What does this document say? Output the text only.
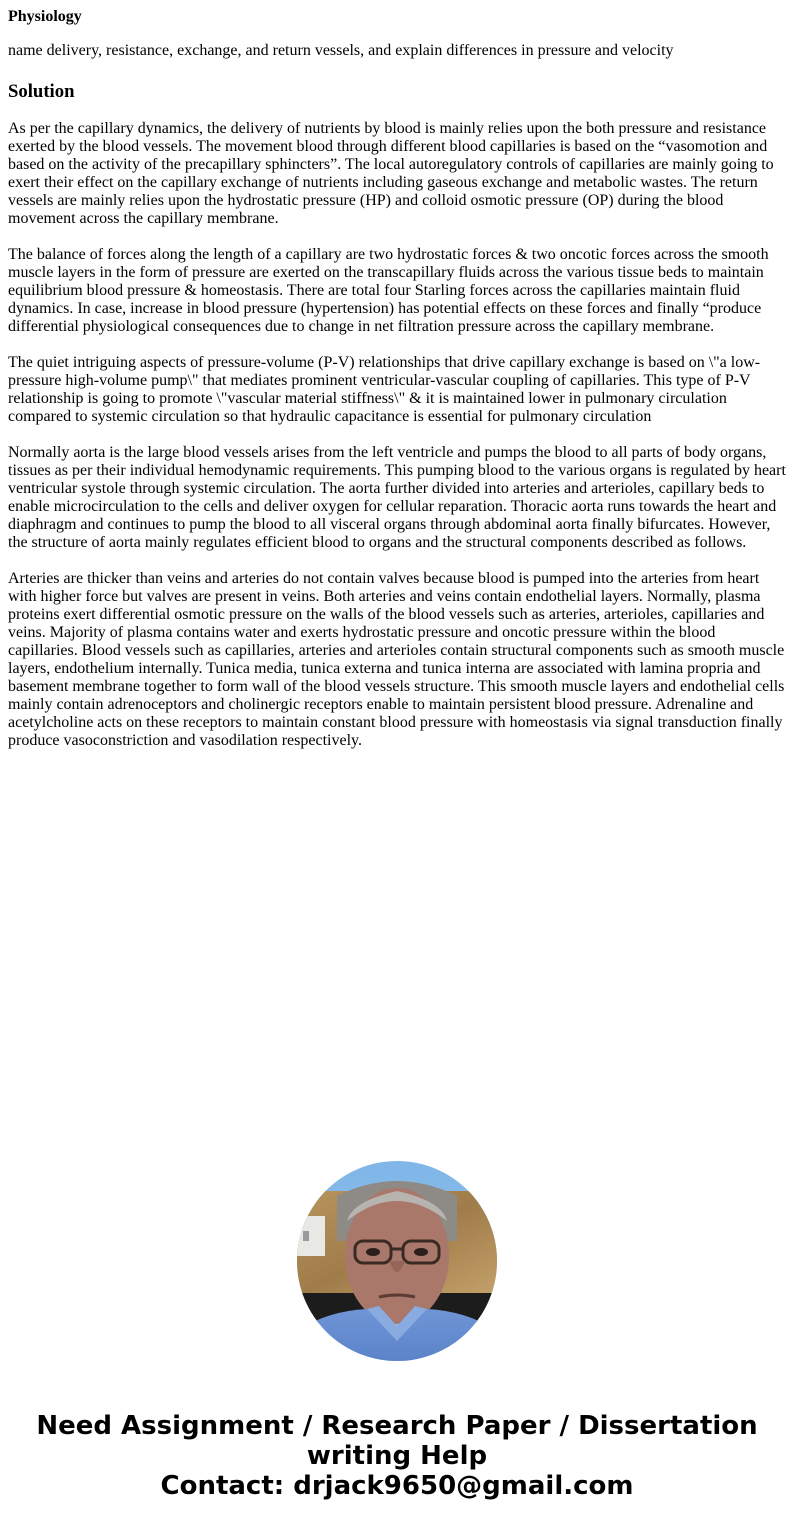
Physiology
name delivery, resistance, exchange, and return vessels, and explain differences in pressure and velocity
Solution

As per the capillary dynamics, the delivery of nutrients by blood is mainly relies upon the both pressure and resistance exerted by the blood vessels. The movement blood through different blood capillaries is based on the “vasomotion and based on the activity of the precapillary sphincters”. The local autoregulatory controls of capillaries are mainly going to exert their effect on the capillary exchange of nutrients including gaseous exchange and metabolic wastes. The return vessels are mainly relies upon the hydrostatic pressure (HP) and colloid osmotic pressure (OP) during the blood movement across the capillary membrane.

The balance of forces along the length of a capillary are two hydrostatic forces & two oncotic forces across the smooth muscle layers in the form of pressure are exerted on the transcapillary fluids across the various tissue beds to maintain equilibrium blood pressure & homeostasis. There are total four Starling forces across the capillaries maintain fluid dynamics. In case, increase in blood pressure (hypertension) has potential effects on these forces and finally “produce differential physiological consequences due to change in net filtration pressure across the capillary membrane.

The quiet intriguing aspects of pressure-volume (P-V) relationships that drive capillary exchange is based on \"a low-pressure high-volume pump\" that mediates prominent ventricular-vascular coupling of capillaries. This type of P-V relationship is going to promote \"vascular material stiffness\" & it is maintained lower in pulmonary circulation compared to systemic circulation so that hydraulic capacitance is essential for pulmonary circulation

Normally aorta is the large blood vessels arises from the left ventricle and pumps the blood to all parts of body organs, tissues as per their individual hemodynamic requirements. This pumping blood to the various organs is regulated by heart ventricular systole through systemic circulation. The aorta further divided into arteries and arterioles, capillary beds to enable microcirculation to the cells and deliver oxygen for cellular reparation. Thoracic aorta runs towards the heart and diaphragm and continues to pump the blood to all visceral organs through abdominal aorta finally bifurcates. However, the structure of aorta mainly regulates efficient blood to organs and the structural components described as follows.

Arteries are thicker than veins and arteries do not contain valves because blood is pumped into the arteries from heart with higher force but valves are present in veins. Both arteries and veins contain endothelial layers. Normally, plasma proteins exert differential osmotic pressure on the walls of the blood vessels such as arteries, arterioles, capillaries and veins. Majority of plasma contains water and exerts hydrostatic pressure and oncotic pressure within the blood capillaries. Blood vessels such as capillaries, arteries and arterioles contain structural components such as smooth muscle layers, endothelium internally. Tunica media, tunica externa and tunica interna are associated with lamina propria and basement membrane together to form wall of the blood vessels structure. This smooth muscle layers and endothelial cells mainly contain adrenoceptors and cholinergic receptors enable to maintain persistent blood pressure. Adrenaline and acetylcholine acts on these receptors to maintain constant blood pressure with homeostasis via signal transduction finally produce vasoconstriction and vasodilation respectively.

Need Assignment / Research Paper / Dissertation
writing Help
Contact: drjack9650@gmail.com
